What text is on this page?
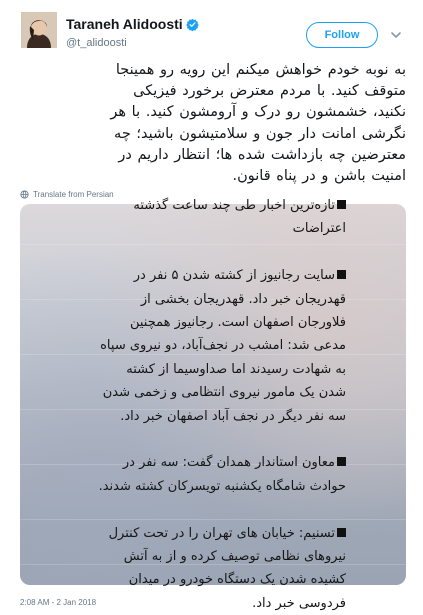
Taraneh Alidoosti
@t_alidoosti
Follow
به نوبه خودم خواهش میکنم این رویه رو همینجا
متوقف کنید. با مردم معترض برخورد فیزیکی
نکنید، خشمشون رو درک و آرومشون کنید. با هر
نگرشی امانت دار جون و سلامتیشون باشید؛ چه
معترضین چه بازداشت شده ها؛ انتظار داریم در
امنیت باشن و در پناه قانون.
Translate from Persian
تازه‌ترین اخبار طی چند ساعت گذشته
اعتراضات
سایت رجانیوز از کشته شدن ۵ نفر در
قهدریجان خبر داد. قهدریجان بخشی از
فلاورجان اصفهان است. رجانیوز همچنین
مدعی شد: امشب در نجف‌آباد، دو نیروی سپاه
به شهادت رسیدند اما صداوسیما از کشته
شدن یک مامور نیروی انتظامی و زخمی شدن
سه نفر دیگر در نجف آباد اصفهان خبر داد.
معاون استاندار همدان گفت: سه نفر در
حوادث شامگاه یکشنبه تویسرکان کشته شدند.
تسنیم: خیابان های تهران را در تحت کنترل
نیروهای نظامی توصیف کرده و از به آتش
کشیده شدن یک دستگاه خودرو در میدان
فردوسی خبر داد.
2:08 AM - 2 Jan 2018
